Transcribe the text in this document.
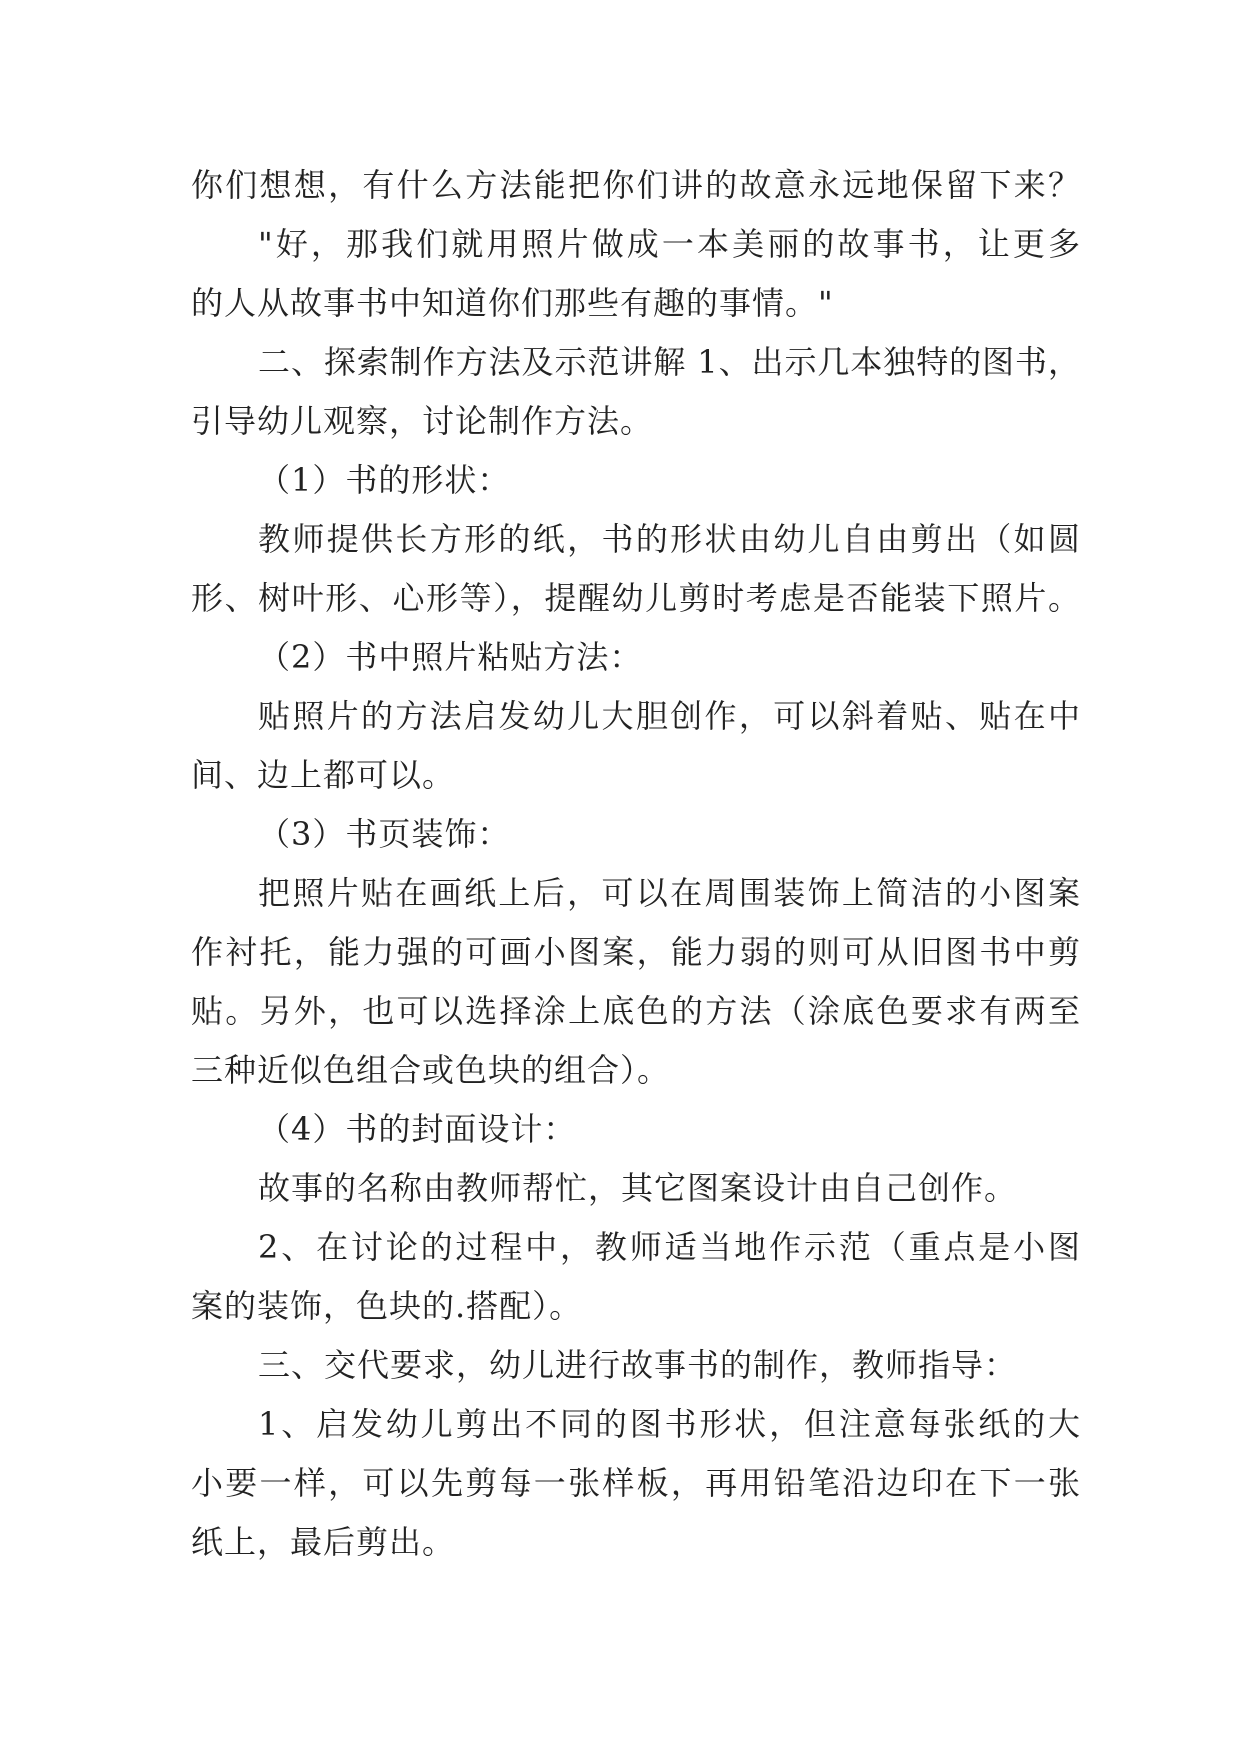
你们想想，有什么方法能把你们讲的故意永远地保留下来？
"好，那我们就用照片做成一本美丽的故事书，让更多
的人从故事书中知道你们那些有趣的事情。"
二、探索制作方法及示范讲解 1、出示几本独特的图书，
引导幼儿观察，讨论制作方法。
（1）书的形状：
教师提供长方形的纸，书的形状由幼儿自由剪出（如圆
形、树叶形、心形等），提醒幼儿剪时考虑是否能装下照片。
（2）书中照片粘贴方法：
贴照片的方法启发幼儿大胆创作，可以斜着贴、贴在中
间、边上都可以。
（3）书页装饰：
把照片贴在画纸上后，可以在周围装饰上简洁的小图案
作衬托，能力强的可画小图案，能力弱的则可从旧图书中剪
贴。另外，也可以选择涂上底色的方法（涂底色要求有两至
三种近似色组合或色块的组合）。
（4）书的封面设计：
故事的名称由教师帮忙，其它图案设计由自己创作。
2、在讨论的过程中，教师适当地作示范（重点是小图
案的装饰，色块的.搭配）。
三、交代要求，幼儿进行故事书的制作，教师指导：
1、启发幼儿剪出不同的图书形状，但注意每张纸的大
小要一样，可以先剪每一张样板，再用铅笔沿边印在下一张
纸上，最后剪出。
